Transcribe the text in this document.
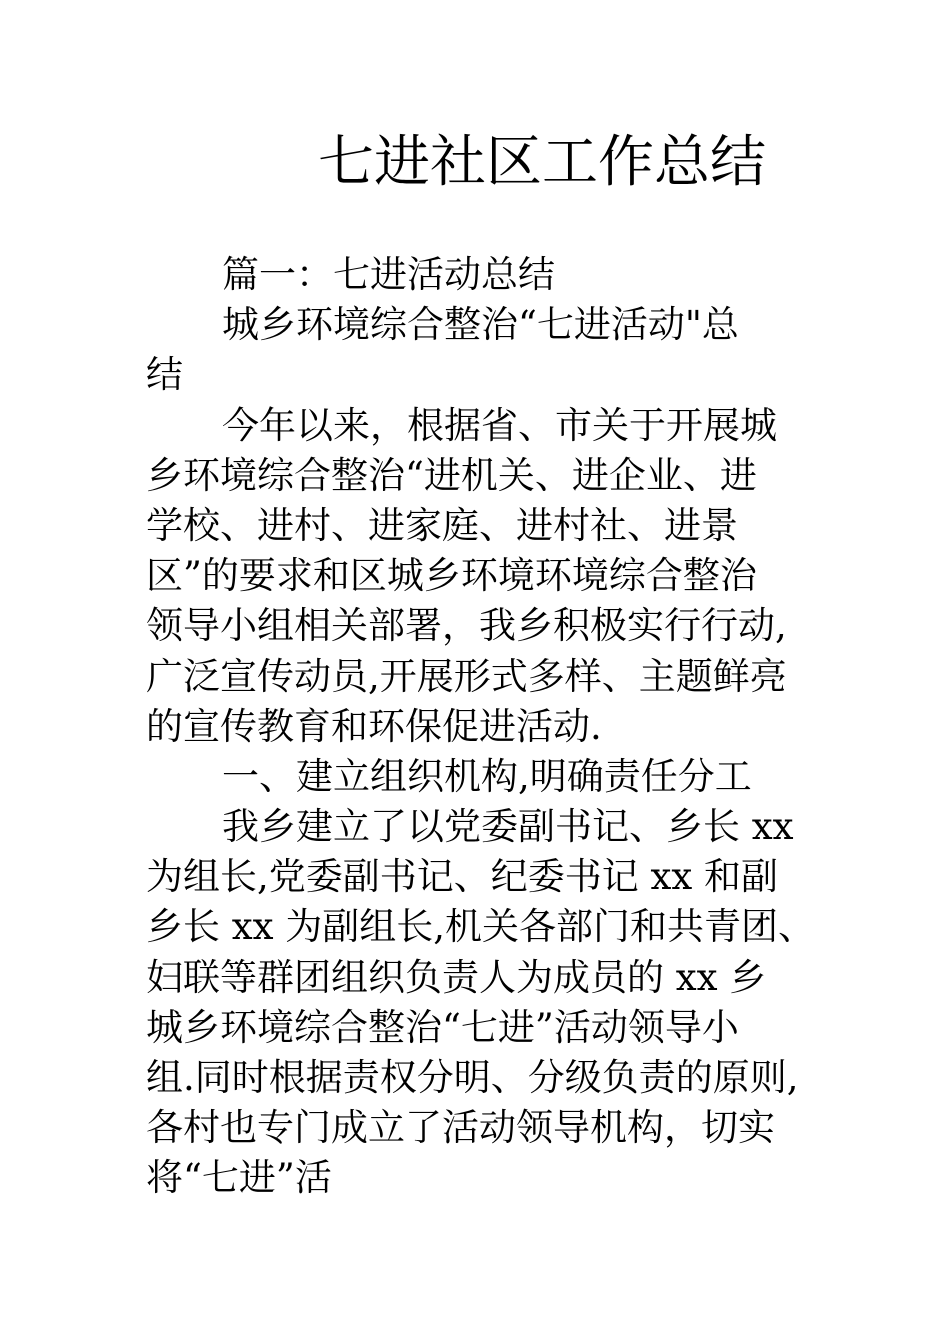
七进社区工作总结
篇一：七进活动总结
城乡环境综合整治“七进活动"总
结
今年以来，根据省、市关于开展城
乡环境综合整治“进机关、进企业、进
学校、进村、进家庭、进村社、进景
区”的要求和区城乡环境环境综合整治
领导小组相关部署，我乡积极实行行动,
广泛宣传动员,开展形式多样、主题鲜亮
的宣传教育和环保促进活动.
一、建立组织机构,明确责任分工
我乡建立了以党委副书记、乡长 xx
为组长,党委副书记、纪委书记 xx 和副
乡长 xx 为副组长,机关各部门和共青团、
妇联等群团组织负责人为成员的 xx 乡
城乡环境综合整治“七进”活动领导小
组.同时根据责权分明、分级负责的原则,
各村也专门成立了活动领导机构，切实
将“七进”活
